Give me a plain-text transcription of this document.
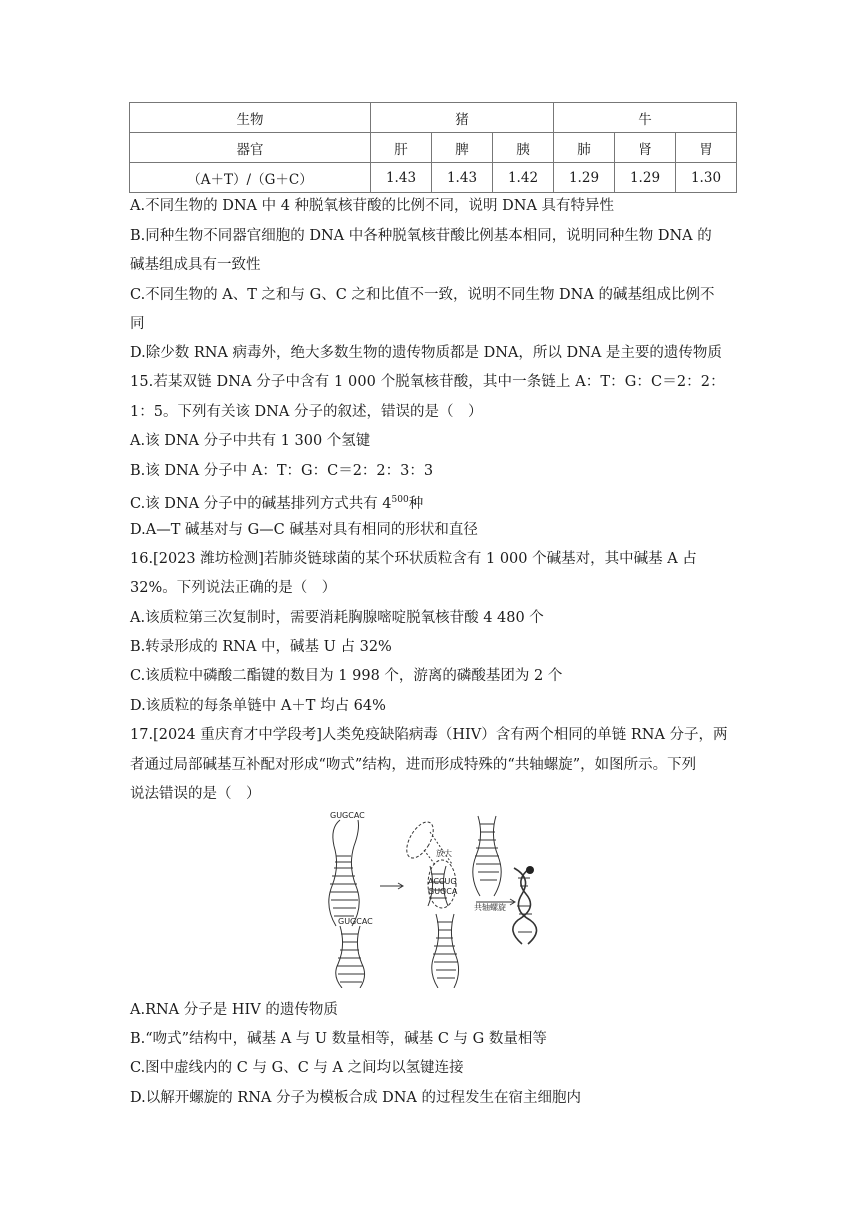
生物	猪			牛		
器官	肝	脾	胰	肺	肾	胃
（A＋T）/（G＋C）	1.43	1.43	1.42	1.29	1.29	1.30
A.不同生物的 DNA 中 4 种脱氧核苷酸的比例不同，说明 DNA 具有特异性
B.同种生物不同器官细胞的 DNA 中各种脱氧核苷酸比例基本相同，说明同种生物 DNA 的
碱基组成具有一致性
C.不同生物的 A、T 之和与 G、C 之和比值不一致，说明不同生物 DNA 的碱基组成比例不
同
D.除少数 RNA 病毒外，绝大多数生物的遗传物质都是 DNA，所以 DNA 是主要的遗传物质
15.若某双链 DNA 分子中含有 1 000 个脱氧核苷酸，其中一条链上 A：T：G：C＝2：2：
1：5。下列有关该 DNA 分子的叙述，错误的是（　）
A.该 DNA 分子中共有 1 300 个氢键
B.该 DNA 分子中 A：T：G：C＝2：2：3：3
C.该 DNA 分子中的碱基排列方式共有 $4^{500}$种
D.A—T 碱基对与 G—C 碱基对具有相同的形状和直径
16.[2023 潍坊检测]若肺炎链球菌的某个环状质粒含有 1 000 个碱基对，其中碱基 A 占
32%。下列说法正确的是（　）
A.该质粒第三次复制时，需要消耗胸腺嘧啶脱氧核苷酸 4 480 个
B.转录形成的 RNA 中，碱基 U 占 32%
C.该质粒中磷酸二酯键的数目为 1 998 个，游离的磷酸基团为 2 个
D.该质粒的每条单链中 A＋T 均占 64%
17.[2024 重庆育才中学段考]人类免疫缺陷病毒（HIV）含有两个相同的单链 RNA 分子，两
者通过局部碱基互补配对形成“吻式”结构，进而形成特殊的“共轴螺旋”，如图所示。下列
说法错误的是（　）
GUGCAC
GUGCAC
ACCUG
GUGCA
放大
共轴螺旋
A.RNA 分子是 HIV 的遗传物质
B.“吻式”结构中，碱基 A 与 U 数量相等，碱基 C 与 G 数量相等
C.图中虚线内的 C 与 G、C 与 A 之间均以氢键连接
D.以解开螺旋的 RNA 分子为模板合成 DNA 的过程发生在宿主细胞内
